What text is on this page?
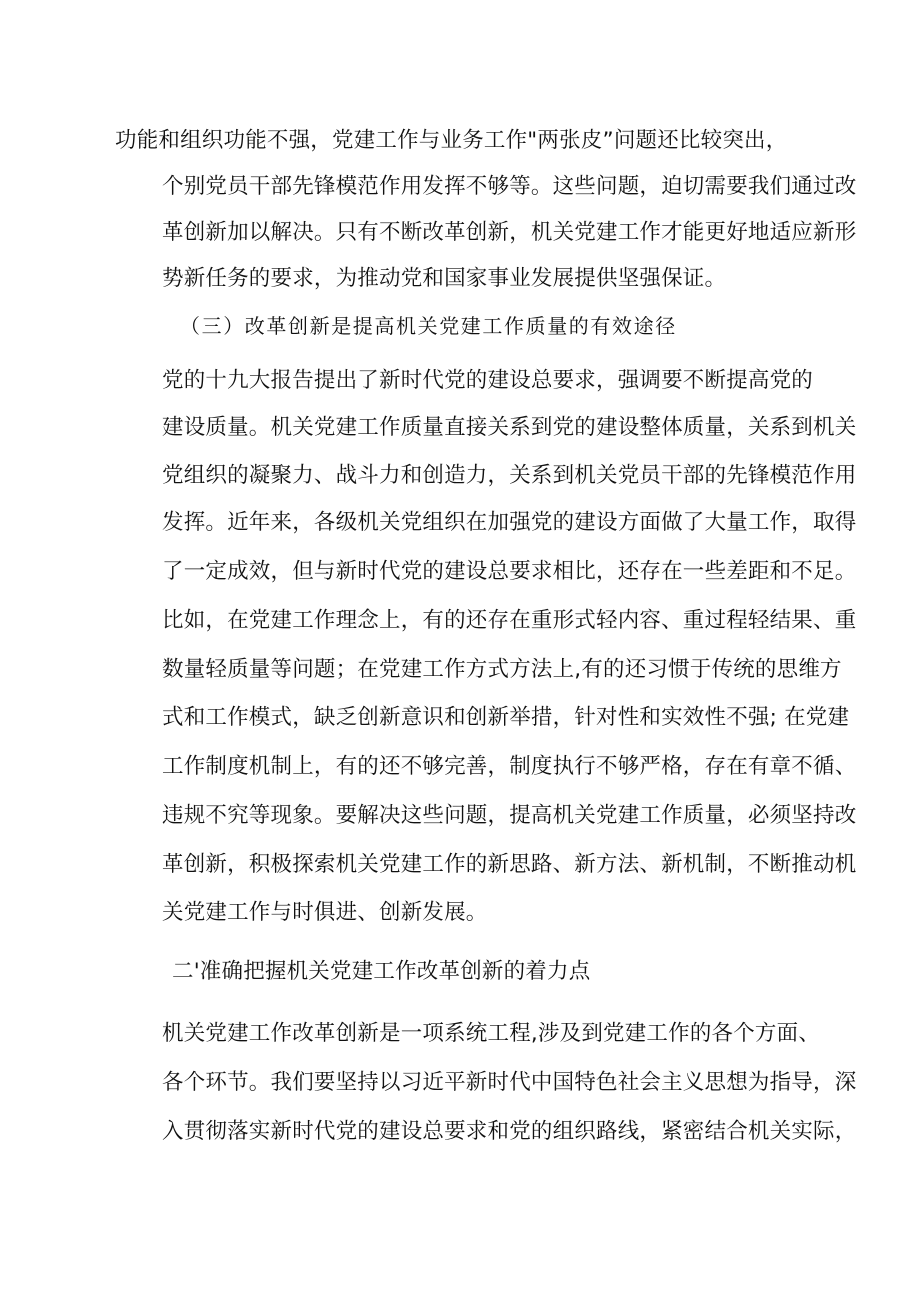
功能和组织功能不强，党建工作与业务工作"两张皮”问题还比较突出，
个别党员干部先锋模范作用发挥不够等。这些问题，迫切需要我们通过改
革创新加以解决。只有不断改革创新，机关党建工作才能更好地适应新形
势新任务的要求，为推动党和国家事业发展提供坚强保证。
（三）改革创新是提高机关党建工作质量的有效途径
党的十九大报告提出了新时代党的建设总要求，强调要不断提高党的
建设质量。机关党建工作质量直接关系到党的建设整体质量，关系到机关
党组织的凝聚力、战斗力和创造力，关系到机关党员干部的先锋模范作用
发挥。近年来，各级机关党组织在加强党的建设方面做了大量工作，取得
了一定成效，但与新时代党的建设总要求相比，还存在一些差距和不足。
比如，在党建工作理念上，有的还存在重形式轻内容、重过程轻结果、重
数量轻质量等问题；在党建工作方式方法上,有的还习惯于传统的思维方
式和工作模式，缺乏创新意识和创新举措，针对性和实效性不强; 在党建
工作制度机制上，有的还不够完善，制度执行不够严格，存在有章不循、
违规不究等现象。要解决这些问题，提高机关党建工作质量，必须坚持改
革创新，积极探索机关党建工作的新思路、新方法、新机制，不断推动机
关党建工作与时俱进、创新发展。
二'准确把握机关党建工作改革创新的着力点
机关党建工作改革创新是一项系统工程,涉及到党建工作的各个方面、
各个环节。我们要坚持以习近平新时代中国特色社会主义思想为指导，深
入贯彻落实新时代党的建设总要求和党的组织路线，紧密结合机关实际，
